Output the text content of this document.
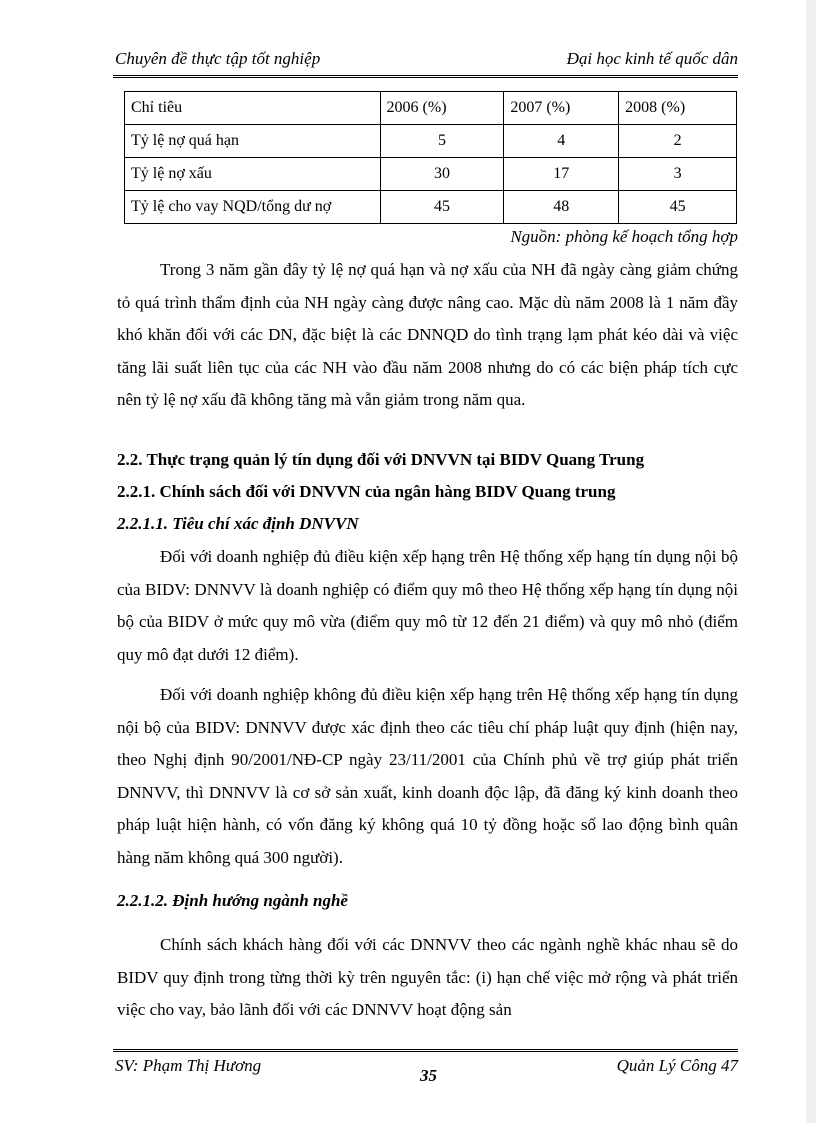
Chuyên đề thực tập tốt nghiệp	Đại học kinh tế quốc dân
Chỉ tiêu	2006 (%)	2007 (%)	2008 (%)
Tỷ lệ nợ quá hạn	5	4	2
Tỷ lệ nợ xấu	30	17	3
Tỷ lệ cho vay NQD/tổng dư nợ	45	48	45
Nguồn: phòng kế hoạch tổng hợp

Trong 3 năm gần đây tỷ lệ nợ quá hạn và nợ xấu của NH đã ngày càng giảm chứng tỏ quá trình thẩm định của NH ngày càng được nâng cao. Mặc dù năm 2008 là 1 năm đầy khó khăn đối với các DN, đặc biệt là các DNNQD do tình trạng lạm phát kéo dài và việc tăng lãi suất liên tục của các NH vào đầu năm 2008 nhưng do có các biện pháp tích cực nên tỷ lệ nợ xấu đã không tăng mà vẫn giảm trong năm qua.

2.2. Thực trạng quản lý tín dụng đối với DNVVN tại BIDV Quang Trung

2.2.1. Chính sách đối với DNVVN của ngân hàng BIDV Quang trung

2.2.1.1. Tiêu chí xác định DNVVN

Đối với doanh nghiệp đủ điều kiện xếp hạng trên Hệ thống xếp hạng tín dụng nội bộ của BIDV: DNNVV là doanh nghiệp có điểm quy mô theo Hệ thống xếp hạng tín dụng nội bộ của BIDV ở mức quy mô vừa (điểm quy mô từ 12 đến 21 điểm) và quy mô nhỏ (điểm quy mô đạt dưới 12 điểm).

Đối với doanh nghiệp không đủ điều kiện xếp hạng trên Hệ thống xếp hạng tín dụng nội bộ của BIDV: DNNVV được xác định theo các tiêu chí pháp luật quy định (hiện nay, theo Nghị định 90/2001/NĐ-CP ngày 23/11/2001 của Chính phủ về trợ giúp phát triển DNNVV, thì DNNVV là cơ sở sản xuất, kinh doanh độc lập, đã đăng ký kinh doanh theo pháp luật hiện hành, có vốn đăng ký không quá 10 tỷ đồng hoặc số lao động bình quân hàng năm không quá 300 người).

2.2.1.2. Định hướng ngành nghề

Chính sách khách hàng đối với các DNNVV theo các ngành nghề khác nhau sẽ do BIDV quy định trong từng thời kỳ trên nguyên tắc: (i) hạn chế việc mở rộng và phát triển việc cho vay, bảo lãnh đối với các DNNVV hoạt động sản

SV: Phạm Thị Hương	Quản Lý Công 47
35
